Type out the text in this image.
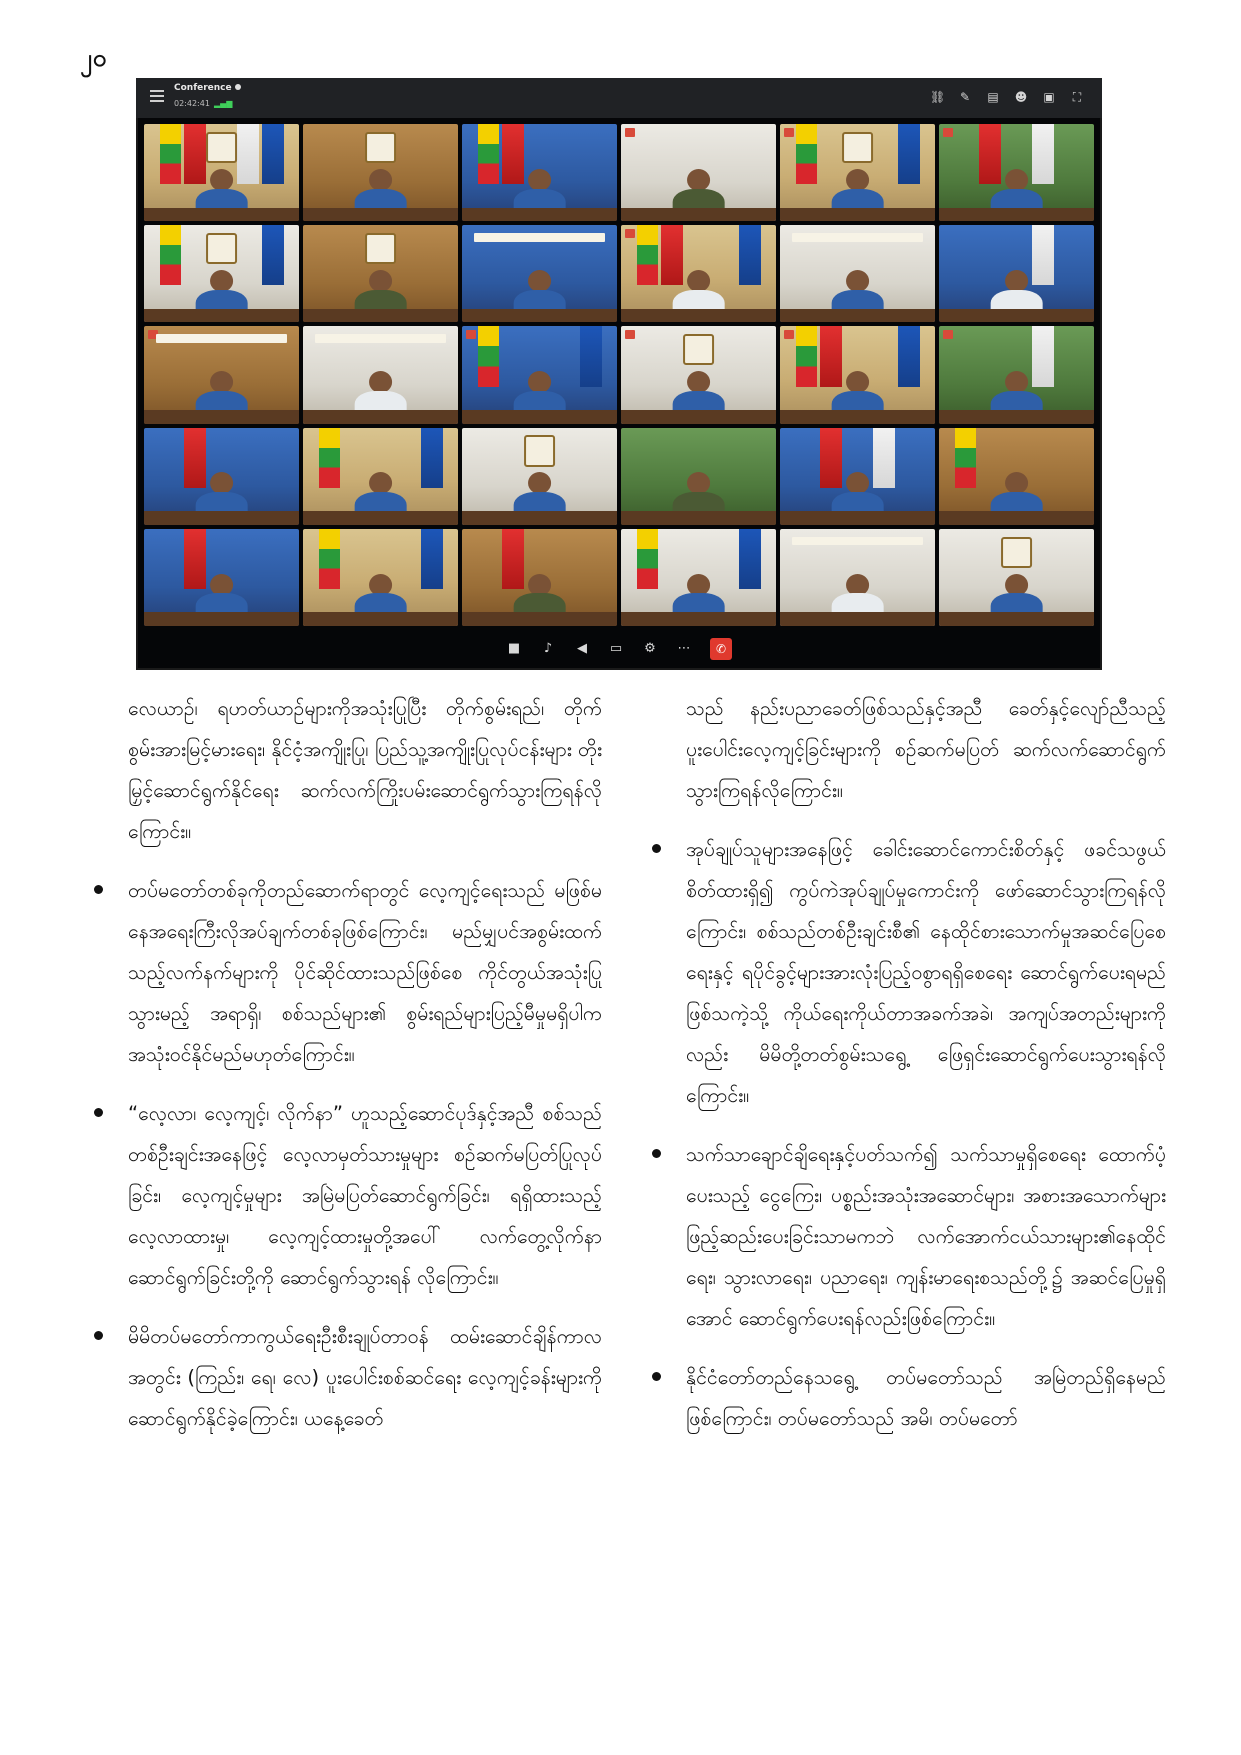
၂၀
Conference
02:42:41 ▂▄▆	⛓ ✎ ▤ ☻ ▣ ⛶
■ ♪ ◀ ▭ ⚙ ⋯	✆

လေယာဉ်၊ ရဟတ်ယာဉ်များကိုအသုံးပြုပြီး တိုက်စွမ်းရည်၊ တိုက်စွမ်းအားမြင့်မားရေး၊ နိုင်ငံ့အကျိုးပြု၊ ပြည်သူ့အကျိုးပြုလုပ်ငန်းများ တိုးမြှင့်ဆောင်ရွက်နိုင်ရေး ဆက်လက်ကြိုးပမ်းဆောင်ရွက်သွားကြရန်လိုကြောင်း။

တပ်မတော်တစ်ခုကိုတည်ဆောက်ရာတွင် လေ့ကျင့်ရေးသည် မဖြစ်မနေအရေးကြီးလိုအပ်ချက်တစ်ခုဖြစ်ကြောင်း၊ မည်မျှပင်အစွမ်းထက်သည့်လက်နက်များကို ပိုင်ဆိုင်ထားသည်ဖြစ်စေ ကိုင်တွယ်အသုံးပြုသွားမည့် အရာရှိ၊ စစ်သည်များ၏ စွမ်းရည်များပြည့်မီမှုမရှိပါက အသုံးဝင်နိုင်မည်မဟုတ်ကြောင်း။

“လေ့လာ၊ လေ့ကျင့်၊ လိုက်နာ” ဟူသည့်ဆောင်ပုဒ်နှင့်အညီ စစ်သည်တစ်ဦးချင်းအနေဖြင့် လေ့လာမှတ်သားမှုများ စဉ်ဆက်မပြတ်ပြုလုပ်ခြင်း၊ လေ့ကျင့်မှုများ အမြဲမပြတ်ဆောင်ရွက်ခြင်း၊ ရရှိထားသည့်လေ့လာထားမှု၊ လေ့ကျင့်ထားမှုတို့အပေါ် လက်တွေ့လိုက်နာဆောင်ရွက်ခြင်းတို့ကို ဆောင်ရွက်သွားရန် လိုကြောင်း။

မိမိတပ်မတော်ကာကွယ်ရေးဦးစီးချုပ်တာဝန် ထမ်းဆောင်ချိန်ကာလအတွင်း (ကြည်း၊ ရေ၊ လေ) ပူးပေါင်းစစ်ဆင်ရေး လေ့ကျင့်ခန်းများကို ဆောင်ရွက်နိုင်ခဲ့ကြောင်း၊ ယနေ့ခေတ်

သည် နည်းပညာခေတ်ဖြစ်သည်နှင့်အညီ ခေတ်နှင့်လျော်ညီသည့် ပူးပေါင်းလေ့ကျင့်ခြင်းများကို စဉ်ဆက်မပြတ် ဆက်လက်ဆောင်ရွက်သွားကြရန်လိုကြောင်း။

အုပ်ချုပ်သူများအနေဖြင့် ခေါင်းဆောင်ကောင်းစိတ်နှင့် ဖခင်သဖွယ်စိတ်ထားရှိ၍ ကွပ်ကဲအုပ်ချုပ်မှုကောင်းကို ဖော်ဆောင်သွားကြရန်လိုကြောင်း၊ စစ်သည်တစ်ဦးချင်းစီ၏ နေထိုင်စားသောက်မှုအဆင်ပြေစေရေးနှင့် ရပိုင်ခွင့်များအားလုံးပြည့်ဝစွာရရှိစေရေး ဆောင်ရွက်ပေးရမည်ဖြစ်သကဲ့သို့ ကိုယ်ရေးကိုယ်တာအခက်အခဲ၊ အကျပ်အတည်းများကိုလည်း မိမိတို့တတ်စွမ်းသရွေ့ ဖြေရှင်းဆောင်ရွက်ပေးသွားရန်လိုကြောင်း။

သက်သာချောင်ချိရေးနှင့်ပတ်သက်၍ သက်သာမှုရှိစေရေး ထောက်ပံ့ပေးသည့် ငွေကြေး၊ ပစ္စည်းအသုံးအဆောင်များ၊ အစားအသောက်များ ဖြည့်ဆည်းပေးခြင်းသာမကဘဲ လက်အောက်ငယ်သားများ၏နေထိုင်ရေး၊ သွားလာရေး၊ ပညာရေး၊ ကျန်းမာရေးစသည်တို့၌ အဆင်ပြေမှုရှိအောင် ဆောင်ရွက်ပေးရန်လည်းဖြစ်ကြောင်း။

နိုင်ငံတော်တည်နေသရွေ့ တပ်မတော်သည် အမြဲတည်ရှိနေမည်ဖြစ်ကြောင်း၊ တပ်မတော်သည် အမိ၊ တပ်မတော်
